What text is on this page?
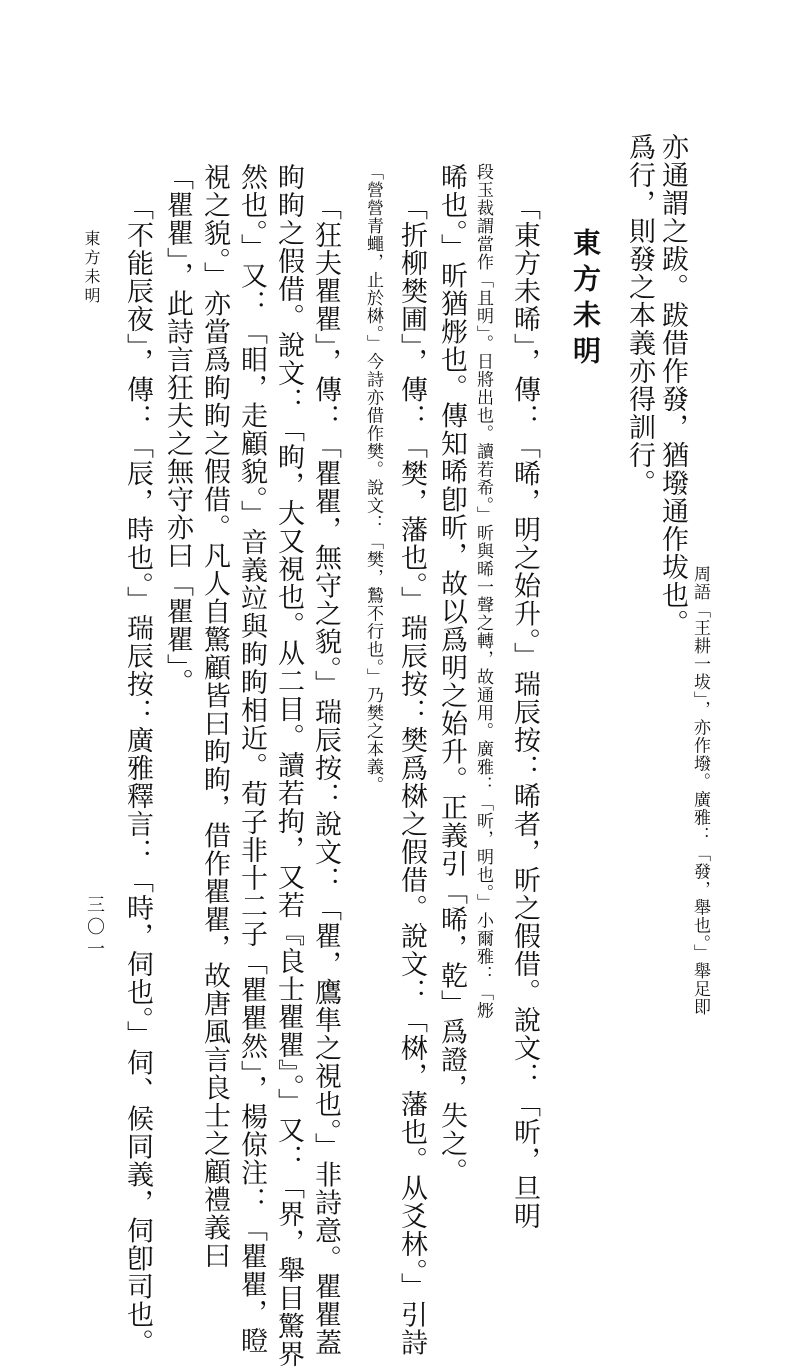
亦通謂之跋。跋借作發，猶墢通作坺也。
周語「王耕一坺」，亦作墢。廣雅：「發，舉也。」舉足即
爲行，則發之本義亦得訓行。
東方未明
「東方未晞」，傳：「晞，明之始升。」瑞辰按：晞者，昕之假借。說文：「昕，旦明
段玉裁謂當作「且明」。日將出也。讀若希。」昕與晞一聲之轉，故通用。廣雅：「昕，明也。」小爾雅：「烿
晞也。」昕猶烿也。傳知晞卽昕，故以爲明之始升。正義引「晞，乾」爲證，失之。
「折柳樊圃」，傳：「樊，藩也。」瑞辰按：樊爲棥之假借。說文：「棥，藩也。从爻林。」引詩
「營營青蠅，止於棥。」今詩亦借作樊。說文：「樊，鷙不行也。」乃樊之本義。
「狂夫瞿瞿」，傳：「瞿瞿，無守之貌。」瑞辰按：說文：「瞿，鷹隼之視也。」非詩意。瞿瞿蓋
眗眗之假借。說文：「眗，大又視也。从二目。讀若拘，又若『良士瞿瞿』。」又：「界，舉目驚界
然也。」又：「䀠，走顧貌。」音義竝與眗眗相近。荀子非十二子「瞿瞿然」，楊倞注：「瞿瞿，瞪
視之貌。」亦當爲眗眗之假借。凡人自驚顧皆曰眗眗，借作瞿瞿，故唐風言良士之顧禮義曰
「瞿瞿」，此詩言狂夫之無守亦曰「瞿瞿」。
「不能辰夜」，傳：「辰，時也。」瑞辰按：廣雅釋言：「時，伺也。」伺、候同義，伺卽司也。
東方未明
三〇一
